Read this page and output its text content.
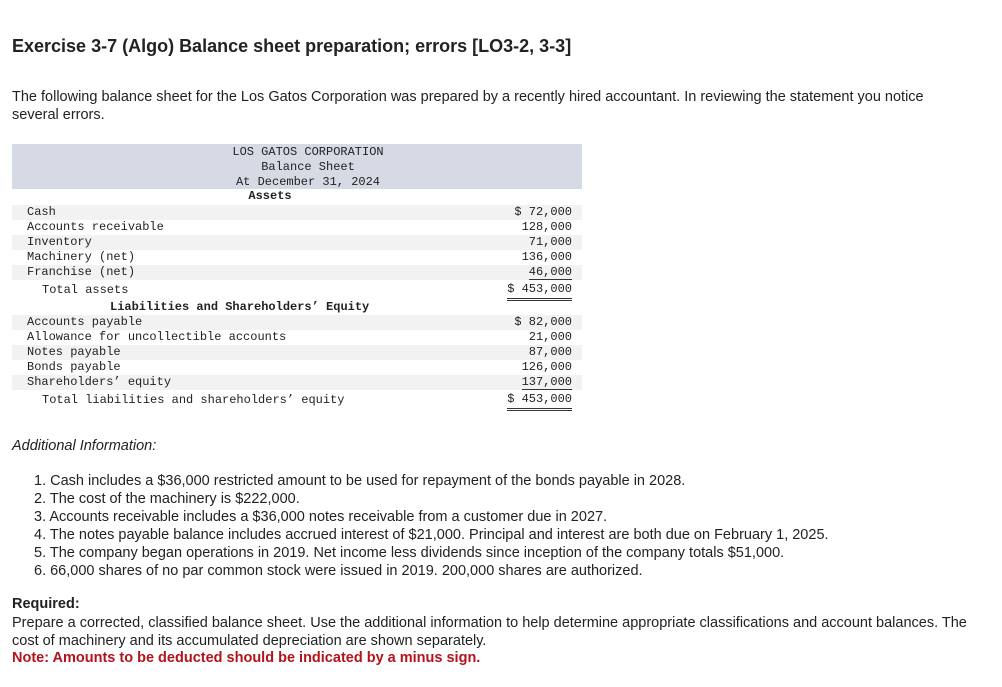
Exercise 3-7 (Algo) Balance sheet preparation; errors [LO3-2, 3-3]
The following balance sheet for the Los Gatos Corporation was prepared by a recently hired accountant. In reviewing the statement you notice several errors.
LOS GATOS CORPORATION
Balance Sheet
At December 31, 2024
Assets
Cash	$ 72,000
Accounts receivable	128,000
Inventory	71,000
Machinery (net)	136,000
Franchise (net)	46,000
Total assets	$ 453,000
Liabilities and Shareholders’ Equity
Accounts payable	$ 82,000
Allowance for uncollectible accounts	21,000
Notes payable	87,000
Bonds payable	126,000
Shareholders’ equity	137,000
Total liabilities and shareholders’ equity	$ 453,000
Additional Information:
1. Cash includes a $36,000 restricted amount to be used for repayment of the bonds payable in 2028.
2. The cost of the machinery is $222,000.
3. Accounts receivable includes a $36,000 notes receivable from a customer due in 2027.
4. The notes payable balance includes accrued interest of $21,000. Principal and interest are both due on February 1, 2025.
5. The company began operations in 2019. Net income less dividends since inception of the company totals $51,000.
6. 66,000 shares of no par common stock were issued in 2019. 200,000 shares are authorized.
Required:
Prepare a corrected, classified balance sheet. Use the additional information to help determine appropriate classifications and account balances. The cost of machinery and its accumulated depreciation are shown separately.
Note: Amounts to be deducted should be indicated by a minus sign.
